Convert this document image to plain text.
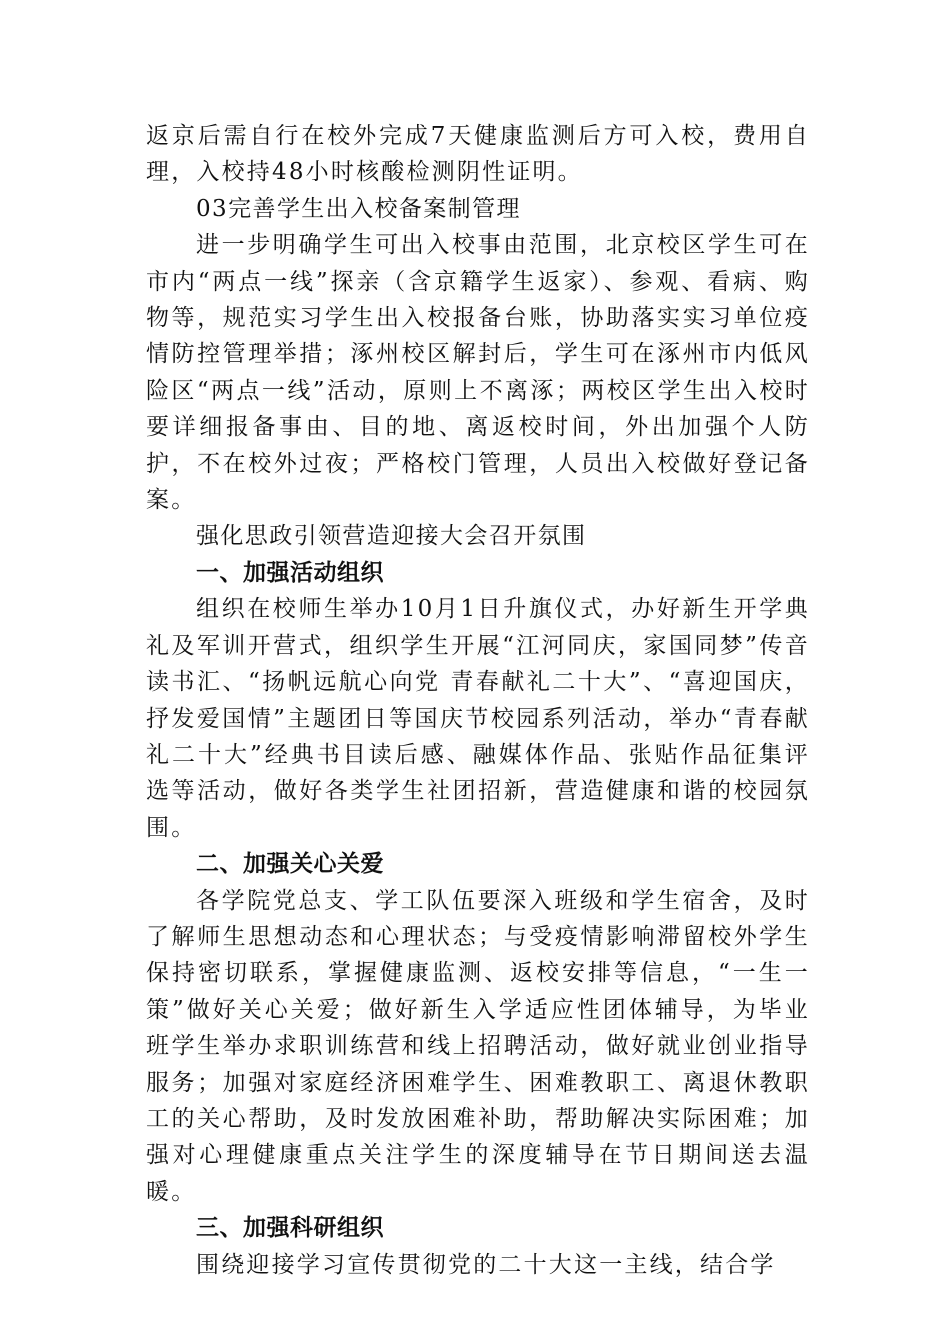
返京后需自行在校外完成7天健康监测后方可入校，费用自理，入校持48小时核酸检测阴性证明。

03完善学生出入校备案制管理

进一步明确学生可出入校事由范围，北京校区学生可在市内“两点一线”探亲（含京籍学生返家）、参观、看病、购物等，规范实习学生出入校报备台账，协助落实实习单位疫情防控管理举措；涿州校区解封后，学生可在涿州市内低风险区“两点一线”活动，原则上不离涿；两校区学生出入校时要详细报备事由、目的地、离返校时间，外出加强个人防护，不在校外过夜；严格校门管理，人员出入校做好登记备案。

强化思政引领营造迎接大会召开氛围

一、加强活动组织

组织在校师生举办10月1日升旗仪式，办好新生开学典礼及军训开营式，组织学生开展“江河同庆，家国同梦”传音读书汇、“扬帆远航心向党 青春献礼二十大”、“喜迎国庆，抒发爱国情”主题团日等国庆节校园系列活动，举办“青春献礼二十大”经典书目读后感、融媒体作品、张贴作品征集评选等活动，做好各类学生社团招新，营造健康和谐的校园氛围。

二、加强关心关爱

各学院党总支、学工队伍要深入班级和学生宿舍，及时了解师生思想动态和心理状态；与受疫情影响滞留校外学生保持密切联系，掌握健康监测、返校安排等信息，“一生一策”做好关心关爱；做好新生入学适应性团体辅导，为毕业班学生举办求职训练营和线上招聘活动，做好就业创业指导服务；加强对家庭经济困难学生、困难教职工、离退休教职工的关心帮助，及时发放困难补助，帮助解决实际困难；加强对心理健康重点关注学生的深度辅导在节日期间送去温暖。

三、加强科研组织

围绕迎接学习宣传贯彻党的二十大这一主线，结合学
